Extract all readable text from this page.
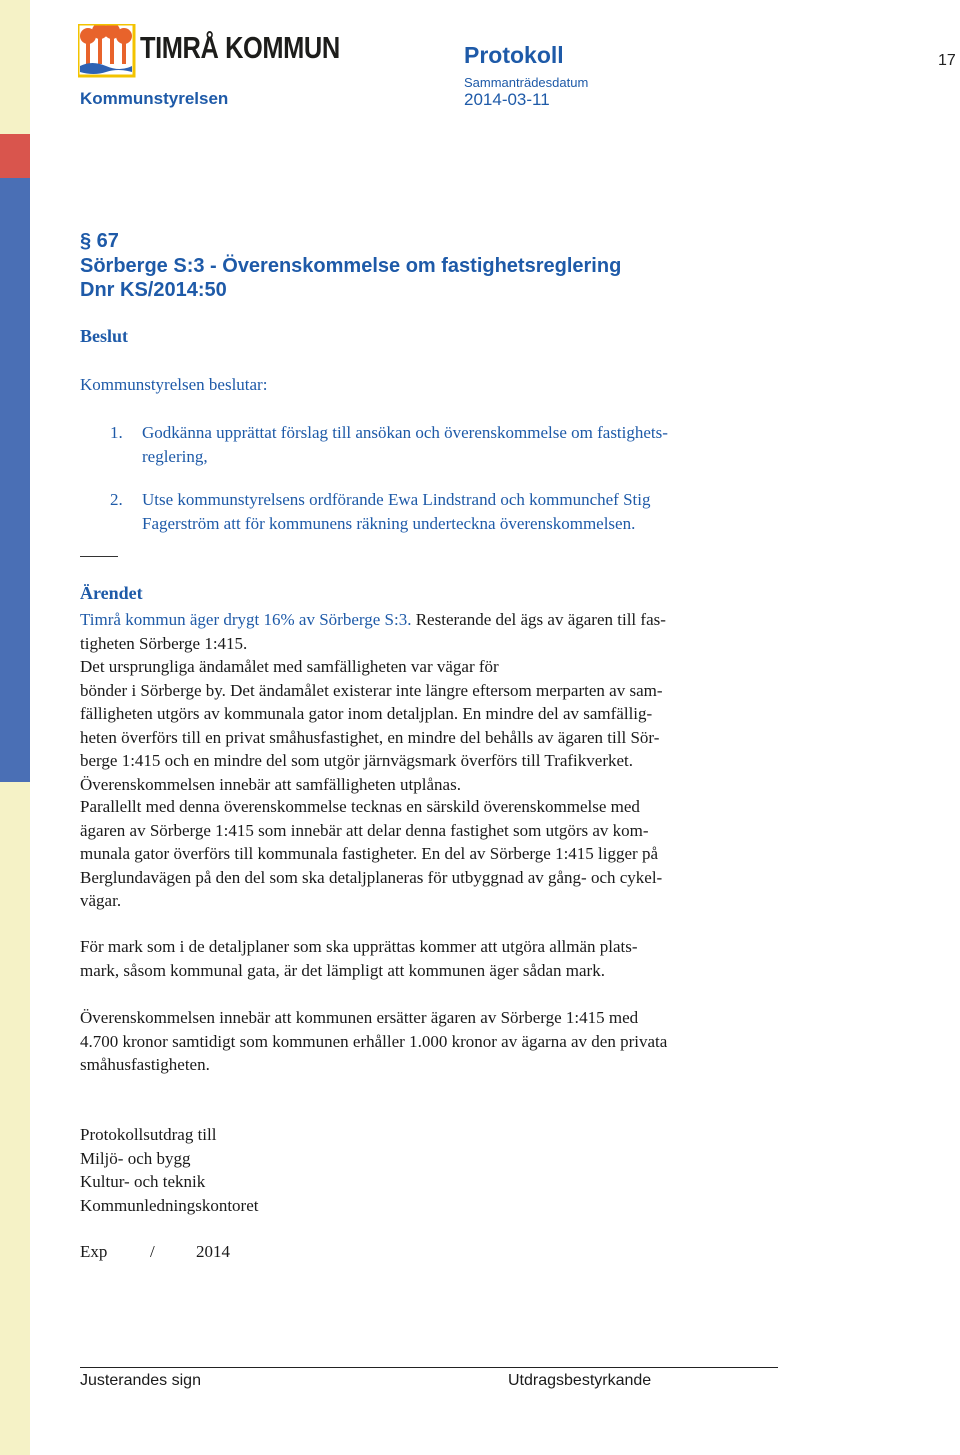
TIMRÅ KOMMUN
Kommunstyrelsen
Protokoll
Sammanträdesdatum
2014-03-11
17
§ 67
Sörberge S:3 - Överenskommelse om fastighetsreglering
Dnr KS/2014:50
Beslut
Kommunstyrelsen beslutar:
1. Godkänna upprättat förslag till ansökan och överenskommelse om fastighets-
reglering,
2. Utse kommunstyrelsens ordförande Ewa Lindstrand och kommunchef Stig
Fagerström att för kommunens räkning underteckna överenskommelsen.
Ärendet
Timrå kommun äger drygt 16% av Sörberge S:3. Resterande del ägs av ägaren till fas-
tigheten Sörberge 1:415.
Det ursprungliga ändamålet med samfälligheten var vägar för
bönder i Sörberge by. Det ändamålet existerar inte längre eftersom merparten av sam-
fälligheten utgörs av kommunala gator inom detaljplan. En mindre del av samfällig-
heten överförs till en privat småhusfastighet, en mindre del behålls av ägaren till Sör-
berge 1:415 och en mindre del som utgör järnvägsmark överförs till Trafikverket.
Överenskommelsen innebär att samfälligheten utplånas.
Parallellt med denna överenskommelse tecknas en särskild överenskommelse med
ägaren av Sörberge 1:415 som innebär att delar denna fastighet som utgörs av kom-
munala gator överförs till kommunala fastigheter. En del av Sörberge 1:415 ligger på
Berglundavägen på den del som ska detaljplaneras för utbyggnad av gång- och cykel-
vägar.
För mark som i de detaljplaner som ska upprättas kommer att utgöra allmän plats-
mark, såsom kommunal gata, är det lämpligt att kommunen äger sådan mark.
Överenskommelsen innebär att kommunen ersätter ägaren av Sörberge 1:415 med
4.700 kronor samtidigt som kommunen erhåller 1.000 kronor av ägarna av den privata
småhusfastigheten.
Protokollsutdrag till
Miljö- och bygg
Kultur- och teknik
Kommunledningskontoret
Exp	/ 2014
Justerandes sign	Utdragsbestyrkande
